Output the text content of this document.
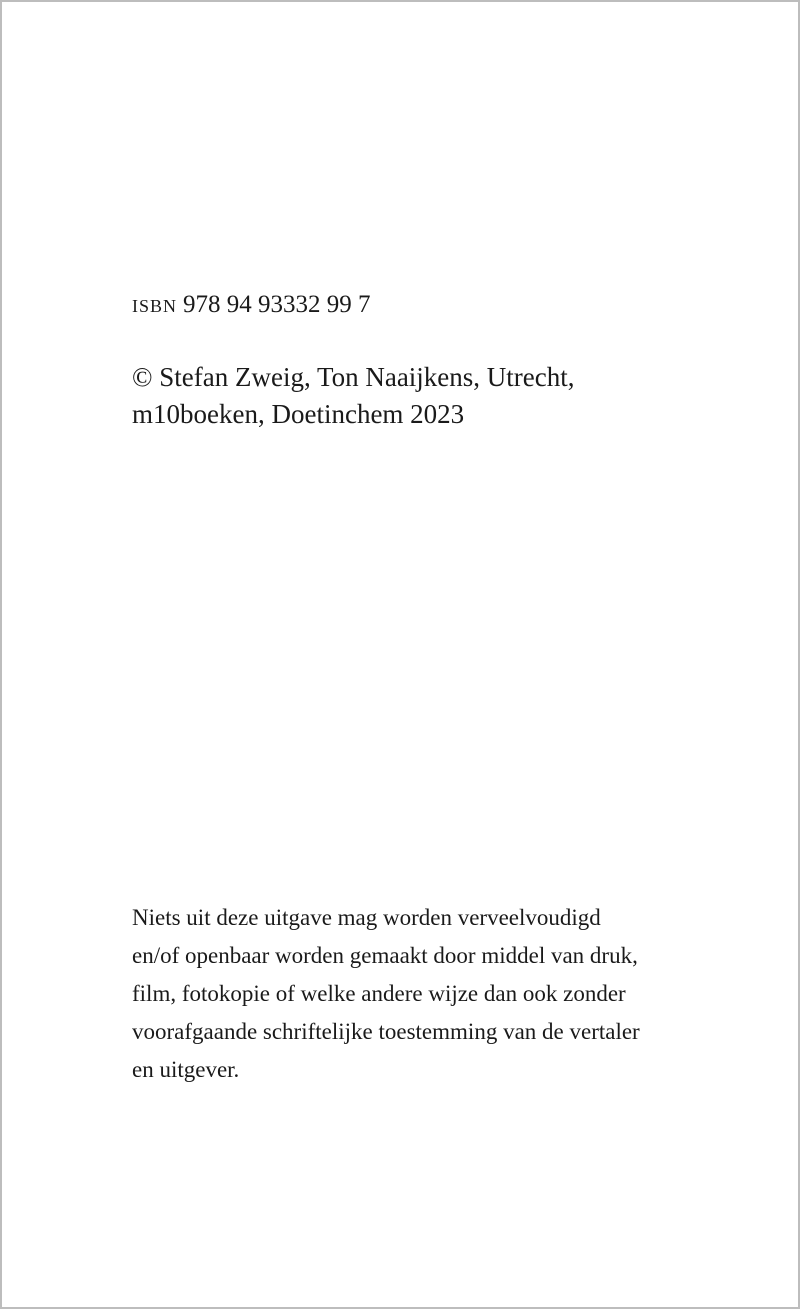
isbn 978 94 93332 99 7

© Stefan Zweig, Ton Naaijkens, Utrecht,
m10boeken, Doetinchem 2023

Niets uit deze uitgave mag worden verveelvoudigd
en/of openbaar worden gemaakt door middel van druk,
film, fotokopie of welke andere wijze dan ook zonder
voorafgaande schriftelijke toestemming van de vertaler
en uitgever.
